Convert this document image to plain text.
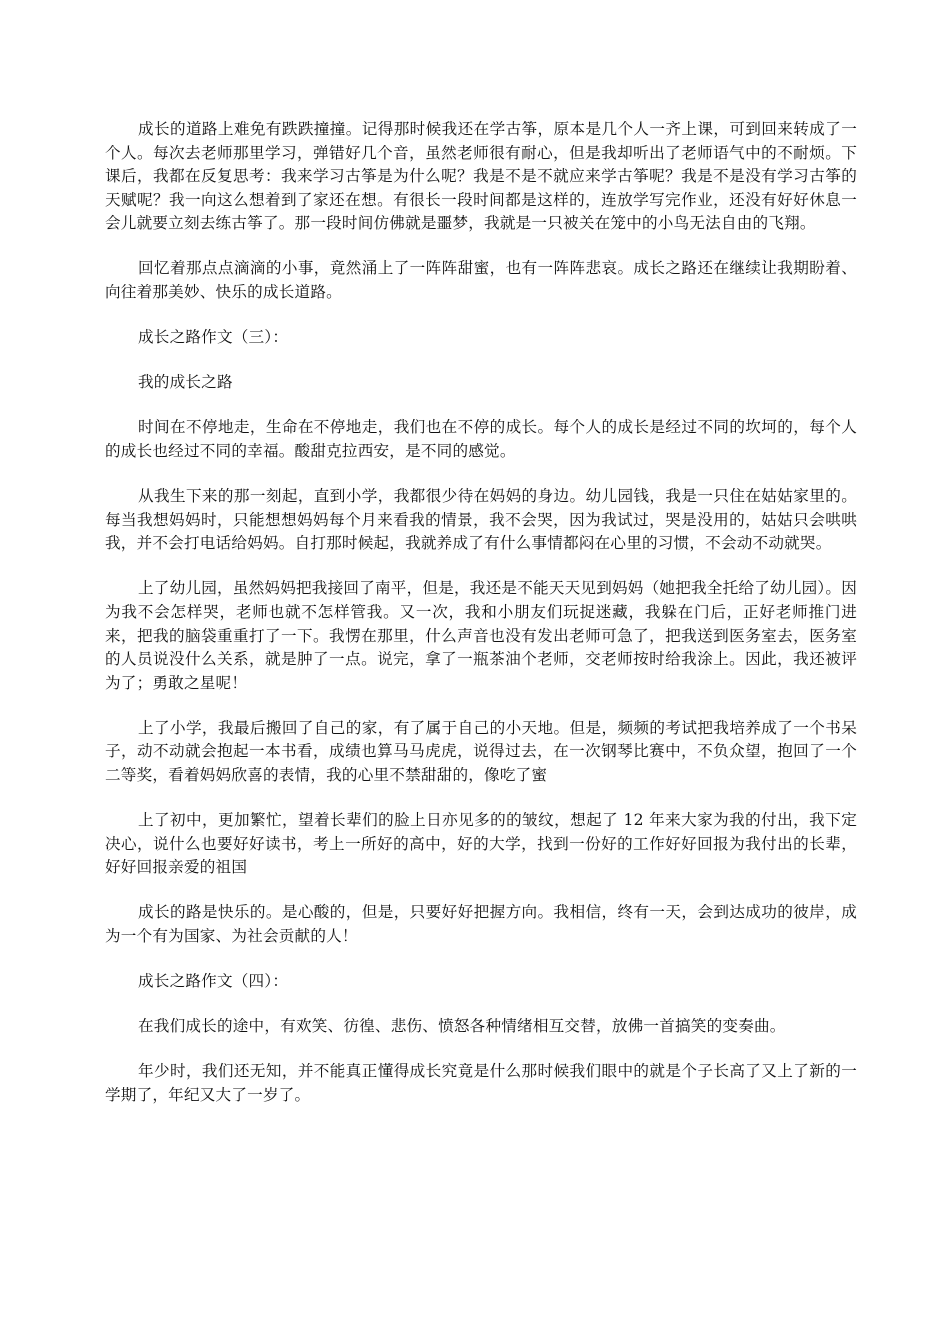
成长的道路上难免有跌跌撞撞。记得那时候我还在学古筝，原本是几个人一齐上课，可到回来转成了一个人。每次去老师那里学习，弹错好几个音，虽然老师很有耐心，但是我却听出了老师语气中的不耐烦。下课后，我都在反复思考：我来学习古筝是为什么呢？我是不是不就应来学古筝呢？我是不是没有学习古筝的天赋呢？我一向这么想着到了家还在想。有很长一段时间都是这样的，连放学写完作业，还没有好好休息一会儿就要立刻去练古筝了。那一段时间仿佛就是噩梦，我就是一只被关在笼中的小鸟无法自由的飞翔。

回忆着那点点滴滴的小事，竟然涌上了一阵阵甜蜜，也有一阵阵悲哀。成长之路还在继续让我期盼着、向往着那美妙、快乐的成长道路。

成长之路作文（三）：

我的成长之路

时间在不停地走，生命在不停地走，我们也在不停的成长。每个人的成长是经过不同的坎坷的，每个人的成长也经过不同的幸福。酸甜克拉西安，是不同的感觉。

从我生下来的那一刻起，直到小学，我都很少待在妈妈的身边。幼儿园钱，我是一只住在姑姑家里的。每当我想妈妈时，只能想想妈妈每个月来看我的情景，我不会哭，因为我试过，哭是没用的，姑姑只会哄哄我，并不会打电话给妈妈。自打那时候起，我就养成了有什么事情都闷在心里的习惯，不会动不动就哭。

上了幼儿园，虽然妈妈把我接回了南平，但是，我还是不能天天见到妈妈（她把我全托给了幼儿园）。因为我不会怎样哭，老师也就不怎样管我。又一次，我和小朋友们玩捉迷藏，我躲在门后，正好老师推门进来，把我的脑袋重重打了一下。我愣在那里，什么声音也没有发出老师可急了，把我送到医务室去，医务室的人员说没什么关系，就是肿了一点。说完，拿了一瓶茶油个老师，交老师按时给我涂上。因此，我还被评为了；勇敢之星呢！

上了小学，我最后搬回了自己的家，有了属于自己的小天地。但是，频频的考试把我培养成了一个书呆子，动不动就会抱起一本书看，成绩也算马马虎虎，说得过去，在一次钢琴比赛中，不负众望，抱回了一个二等奖，看着妈妈欣喜的表情，我的心里不禁甜甜的，像吃了蜜

上了初中，更加繁忙，望着长辈们的脸上日亦见多的的皱纹，想起了 12 年来大家为我的付出，我下定决心，说什么也要好好读书，考上一所好的高中，好的大学，找到一份好的工作好好回报为我付出的长辈，好好回报亲爱的祖国

成长的路是快乐的。是心酸的，但是，只要好好把握方向。我相信，终有一天，会到达成功的彼岸，成为一个有为国家、为社会贡献的人！

成长之路作文（四）：

在我们成长的途中，有欢笑、彷徨、悲伤、愤怒各种情绪相互交替，放佛一首搞笑的变奏曲。

年少时，我们还无知，并不能真正懂得成长究竟是什么那时候我们眼中的就是个子长高了又上了新的一学期了，年纪又大了一岁了。
